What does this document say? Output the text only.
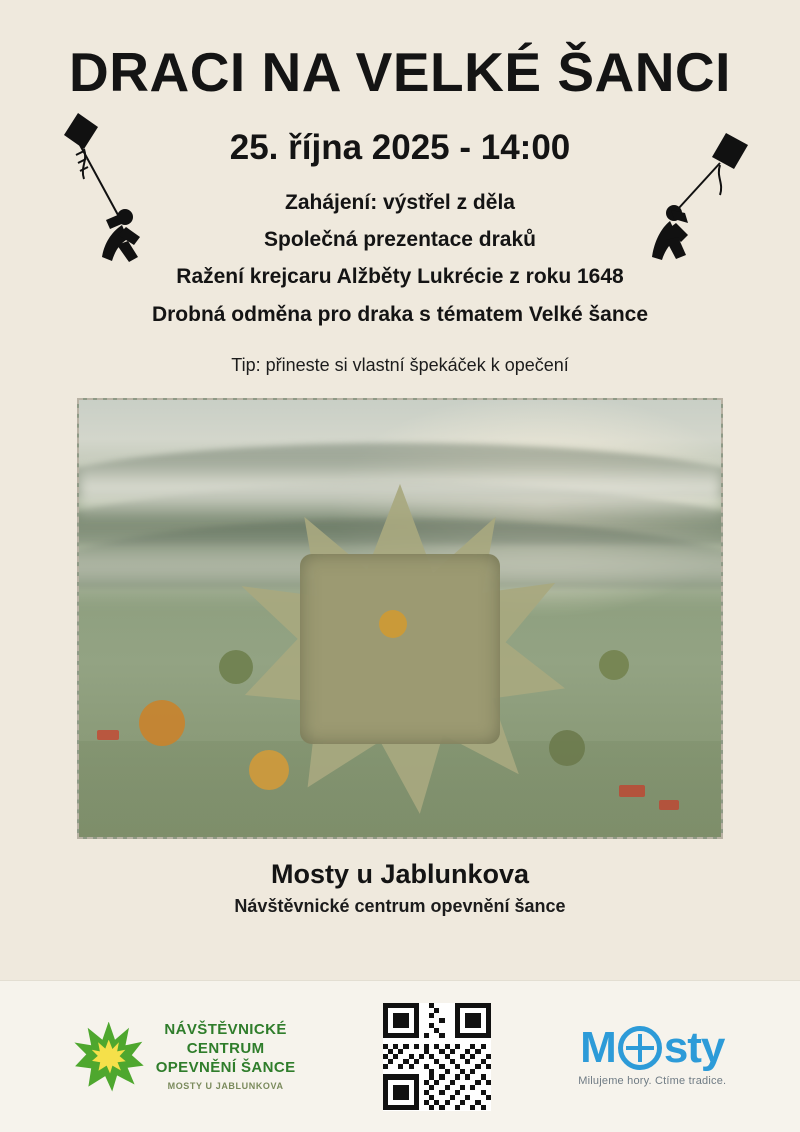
DRACI NA VELKÉ ŠANCI
25. října 2025 - 14:00
Zahájení: výstřel z děla
Společná prezentace draků
Ražení krejcaru Alžběty Lukrécie z roku 1648
Drobná odměna pro draka s tématem Velké šance
Tip: přineste si vlastní špekáček k opečení
Mosty u Jablunkova
Návštěvnické centrum opevnění šance
NÁVŠTĚVNICKÉ
CENTRUM
OPEVNĚNÍ ŠANCE
MOSTY U JABLUNKOVA
M sty
Milujeme hory. Ctíme tradice.
